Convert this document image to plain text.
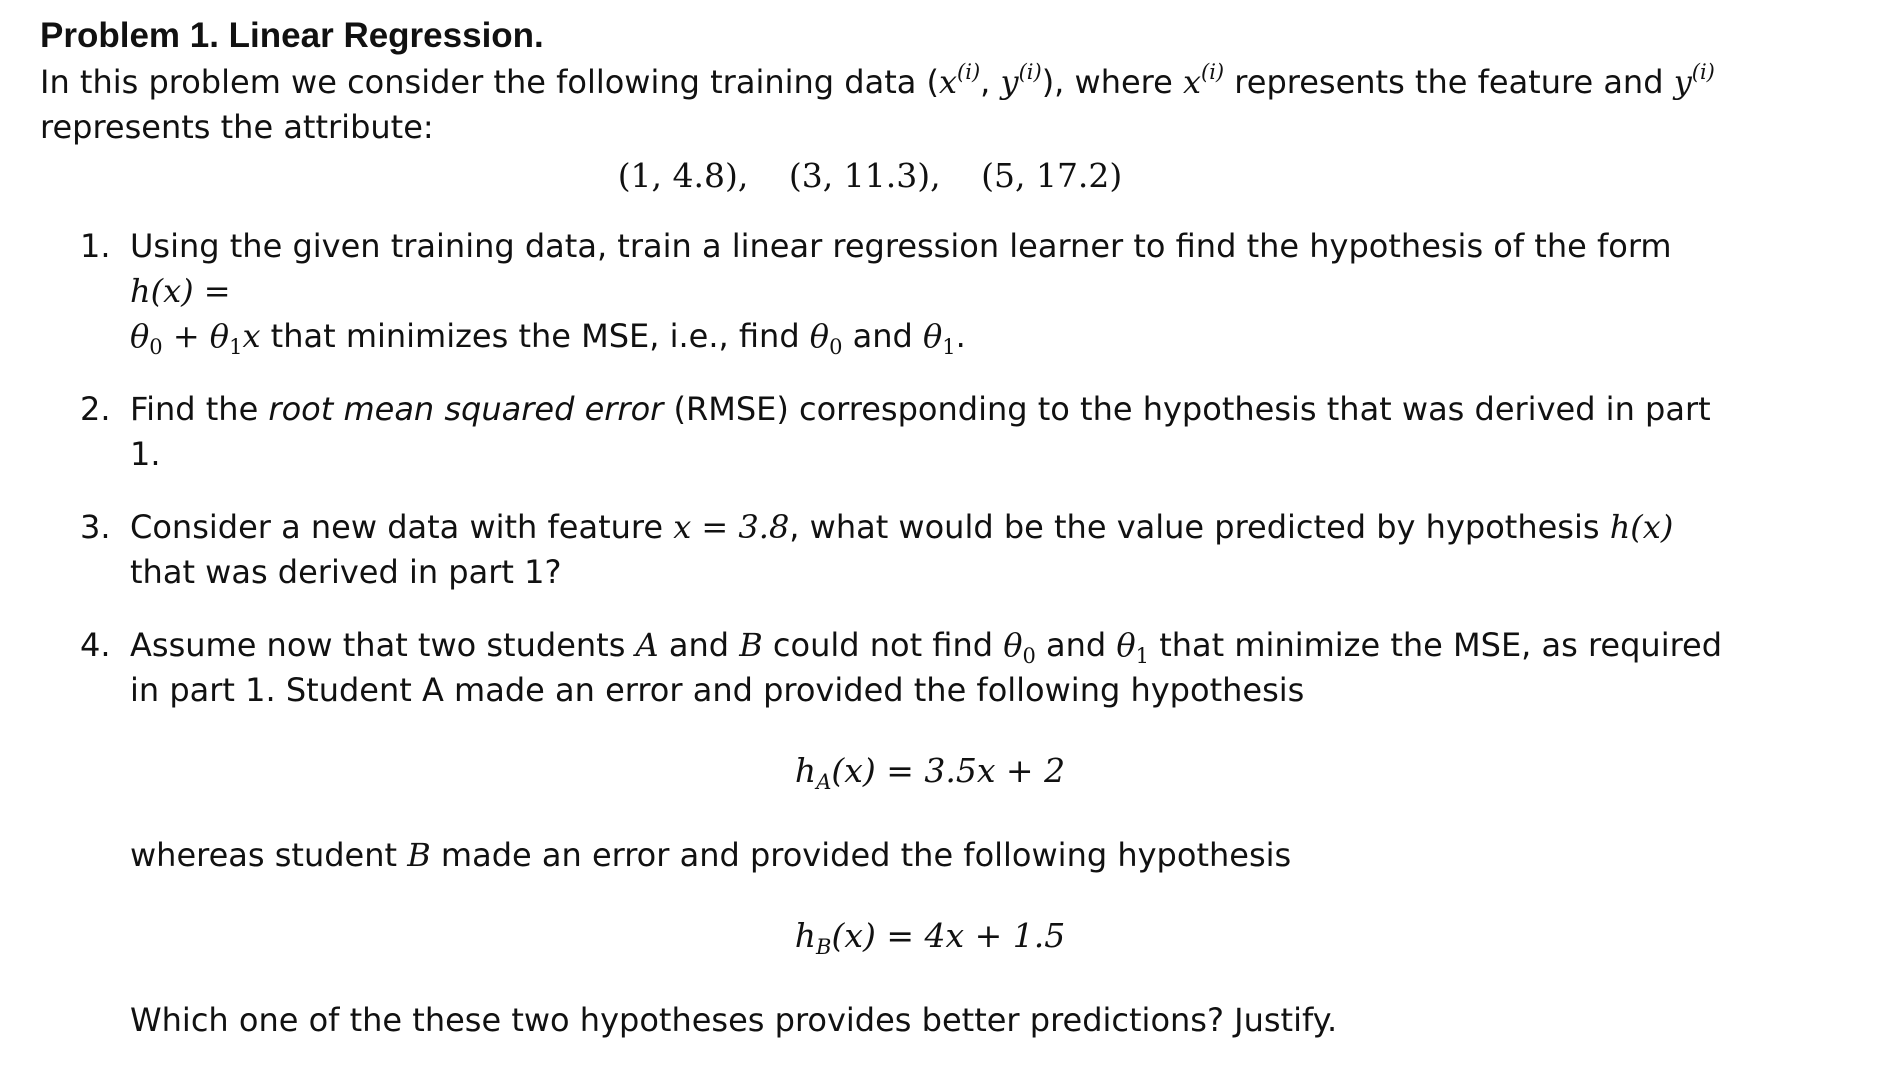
Problem 1. Linear Regression.

In this problem we consider the following training data ($x^{(i)}$, $y^{(i)}$), where $x^{(i)}$ represents the feature and $y^{(i)}$
represents the attribute:
(1, 4.8), (3, 11.3), (5, 17.2)
1. Using the given training data, train a linear regression learner to find the hypothesis of the form h(x) =
$\theta_0 + \theta_1x$ that minimizes the MSE, i.e., find $\theta_0$ and $\theta_1$.
2. Find the root mean squared error (RMSE) corresponding to the hypothesis that was derived in part 1.
3. Consider a new data with feature x = 3.8, what would be the value predicted by hypothesis h(x) that was derived in part 1?
4. Assume now that two students A and B could not find $\theta_0$ and $\theta_1$ that minimize the MSE, as required in part 1. Student A made an error and provided the following hypothesis
$h_A(x) = 3.5x + 2$
whereas student B made an error and provided the following hypothesis
$h_B(x) = 4x + 1.5$
Which one of the these two hypotheses provides better predictions? Justify.
